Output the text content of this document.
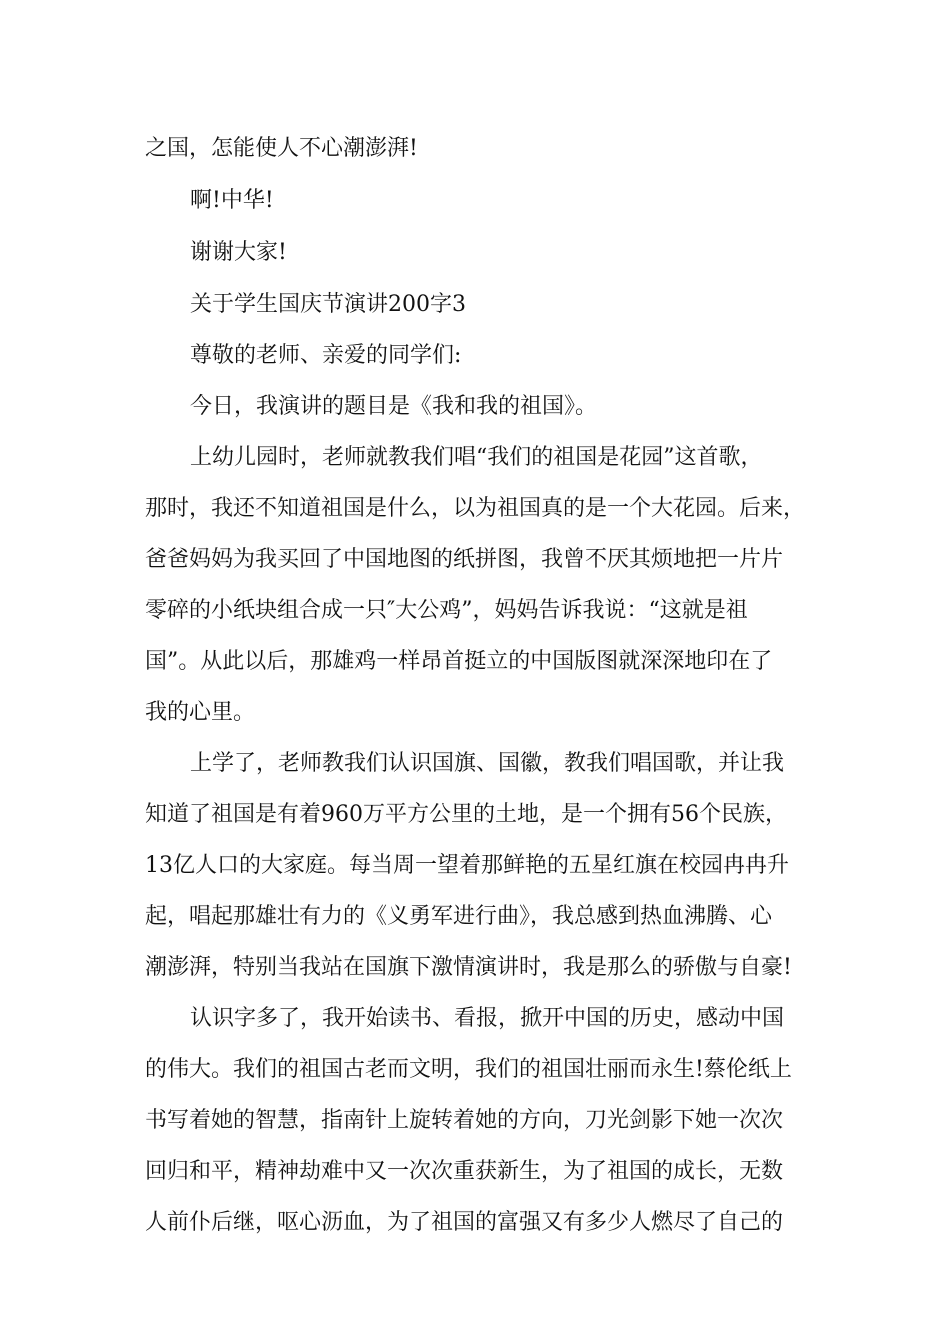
之国，怎能使人不心潮澎湃!
啊!中华!
谢谢大家!
关于学生国庆节演讲200字3
尊敬的老师、亲爱的同学们:
今日，我演讲的题目是《我和我的祖国》。
上幼儿园时，老师就教我们唱“我们的祖国是花园”这首歌，
那时，我还不知道祖国是什么，以为祖国真的是一个大花园。后来，
爸爸妈妈为我买回了中国地图的纸拼图，我曾不厌其烦地把一片片
零碎的小纸块组合成一只″大公鸡”，妈妈告诉我说：“这就是祖
国”。从此以后，那雄鸡一样昂首挺立的中国版图就深深地印在了
我的心里。
上学了，老师教我们认识国旗、国徽，教我们唱国歌，并让我
知道了祖国是有着960万平方公里的土地，是一个拥有56个民族，
13亿人口的大家庭。每当周一望着那鲜艳的五星红旗在校园冉冉升
起，唱起那雄壮有力的《义勇军进行曲》，我总感到热血沸腾、心
潮澎湃，特别当我站在国旗下激情演讲时，我是那么的骄傲与自豪!
认识字多了，我开始读书、看报，掀开中国的历史，感动中国
的伟大。我们的祖国古老而文明，我们的祖国壮丽而永生!蔡伦纸上
书写着她的智慧，指南针上旋转着她的方向，刀光剑影下她一次次
回归和平，精神劫难中又一次次重获新生，为了祖国的成长，无数
人前仆后继，呕心沥血，为了祖国的富强又有多少人燃尽了自己的
